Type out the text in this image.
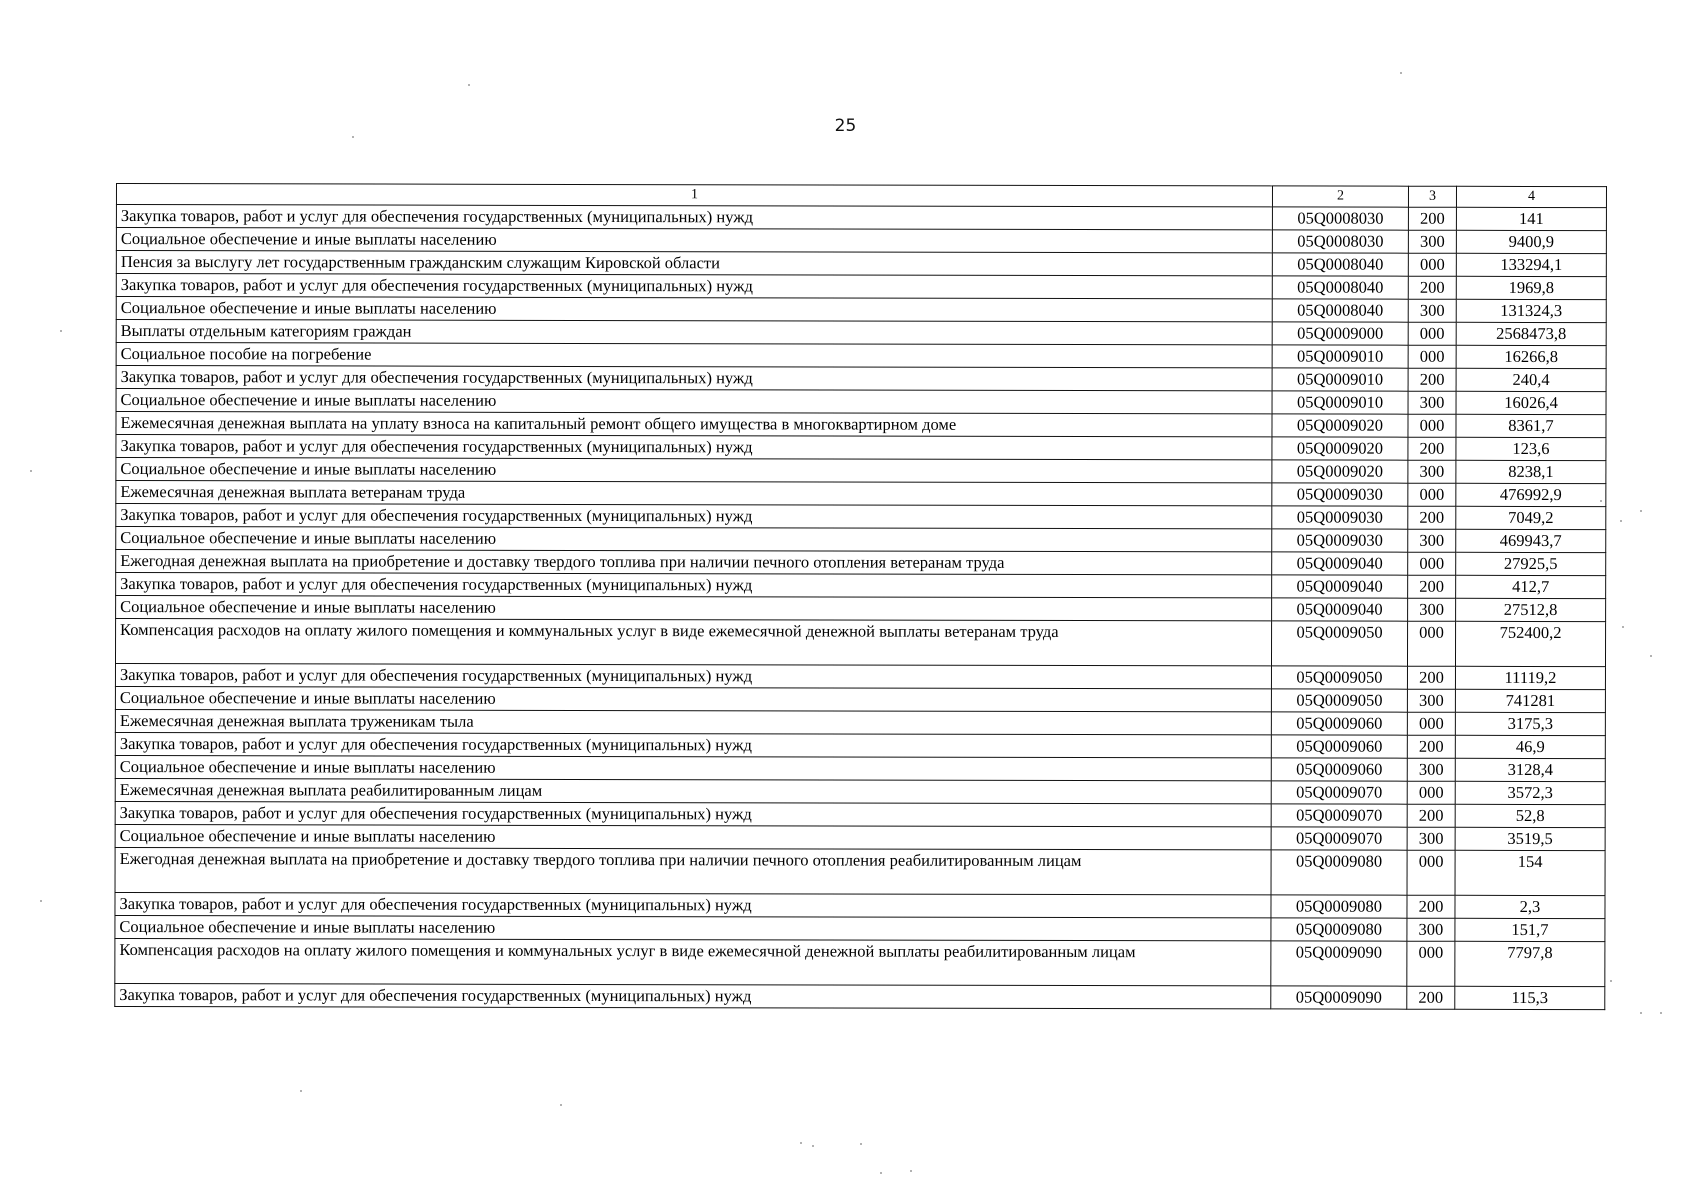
25
1	2	3	4
Закупка товаров, работ и услуг для обеспечения государственных (муниципальных) нужд	05Q0008030	200	141
Социальное обеспечение и иные выплаты населению	05Q0008030	300	9400,9
Пенсия за выслугу лет государственным гражданским служащим Кировской области	05Q0008040	000	133294,1
Закупка товаров, работ и услуг для обеспечения государственных (муниципальных) нужд	05Q0008040	200	1969,8
Социальное обеспечение и иные выплаты населению	05Q0008040	300	131324,3
Выплаты отдельным категориям граждан	05Q0009000	000	2568473,8
Социальное пособие на погребение	05Q0009010	000	16266,8
Закупка товаров, работ и услуг для обеспечения государственных (муниципальных) нужд	05Q0009010	200	240,4
Социальное обеспечение и иные выплаты населению	05Q0009010	300	16026,4
Ежемесячная денежная выплата на уплату взноса на капитальный ремонт общего имущества в многоквартирном доме	05Q0009020	000	8361,7
Закупка товаров, работ и услуг для обеспечения государственных (муниципальных) нужд	05Q0009020	200	123,6
Социальное обеспечение и иные выплаты населению	05Q0009020	300	8238,1
Ежемесячная денежная выплата ветеранам труда	05Q0009030	000	476992,9
Закупка товаров, работ и услуг для обеспечения государственных (муниципальных) нужд	05Q0009030	200	7049,2
Социальное обеспечение и иные выплаты населению	05Q0009030	300	469943,7
Ежегодная денежная выплата на приобретение и доставку твердого топлива при наличии печного отопления ветеранам труда	05Q0009040	000	27925,5
Закупка товаров, работ и услуг для обеспечения государственных (муниципальных) нужд	05Q0009040	200	412,7
Социальное обеспечение и иные выплаты населению	05Q0009040	300	27512,8
Компенсация расходов на оплату жилого помещения и коммунальных услуг в виде ежемесячной денежной выплаты ветеранам труда	05Q0009050	000	752400,2
Закупка товаров, работ и услуг для обеспечения государственных (муниципальных) нужд	05Q0009050	200	11119,2
Социальное обеспечение и иные выплаты населению	05Q0009050	300	741281
Ежемесячная денежная выплата труженикам тыла	05Q0009060	000	3175,3
Закупка товаров, работ и услуг для обеспечения государственных (муниципальных) нужд	05Q0009060	200	46,9
Социальное обеспечение и иные выплаты населению	05Q0009060	300	3128,4
Ежемесячная денежная выплата реабилитированным лицам	05Q0009070	000	3572,3
Закупка товаров, работ и услуг для обеспечения государственных (муниципальных) нужд	05Q0009070	200	52,8
Социальное обеспечение и иные выплаты населению	05Q0009070	300	3519,5
Ежегодная денежная выплата на приобретение и доставку твердого топлива при наличии печного отопления реабилитированным лицам	05Q0009080	000	154
Закупка товаров, работ и услуг для обеспечения государственных (муниципальных) нужд	05Q0009080	200	2,3
Социальное обеспечение и иные выплаты населению	05Q0009080	300	151,7
Компенсация расходов на оплату жилого помещения и коммунальных услуг в виде ежемесячной денежной выплаты реабилитированным лицам	05Q0009090	000	7797,8
Закупка товаров, работ и услуг для обеспечения государственных (муниципальных) нужд	05Q0009090	200	115,3
